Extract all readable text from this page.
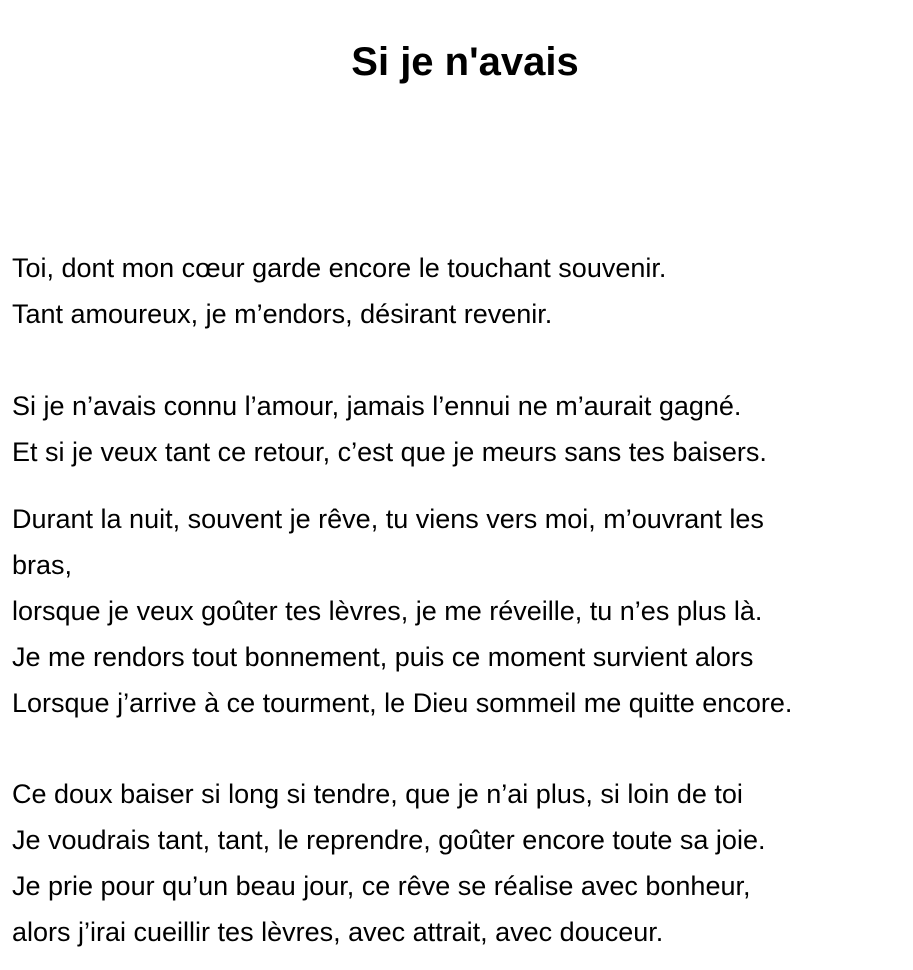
Si je n'avais
Toi, dont mon cœur garde encore le touchant souvenir.
Tant amoureux, je m’endors, désirant revenir.
Si je n’avais connu l’amour, jamais l’ennui ne m’aurait gagné.
Et si je veux tant ce retour, c’est que je meurs sans tes baisers.
Durant la nuit, souvent je rêve, tu viens vers moi, m’ouvrant les
bras,
lorsque je veux goûter tes lèvres, je me réveille, tu n’es plus là.
Je me rendors tout bonnement, puis ce moment survient alors
Lorsque j’arrive à ce tourment, le Dieu sommeil me quitte encore.
Ce doux baiser si long si tendre, que je n’ai plus, si loin de toi
Je voudrais tant, tant, le reprendre, goûter encore toute sa joie.
Je prie pour qu’un beau jour, ce rêve se réalise avec bonheur,
alors j’irai cueillir tes lèvres, avec attrait, avec douceur.
